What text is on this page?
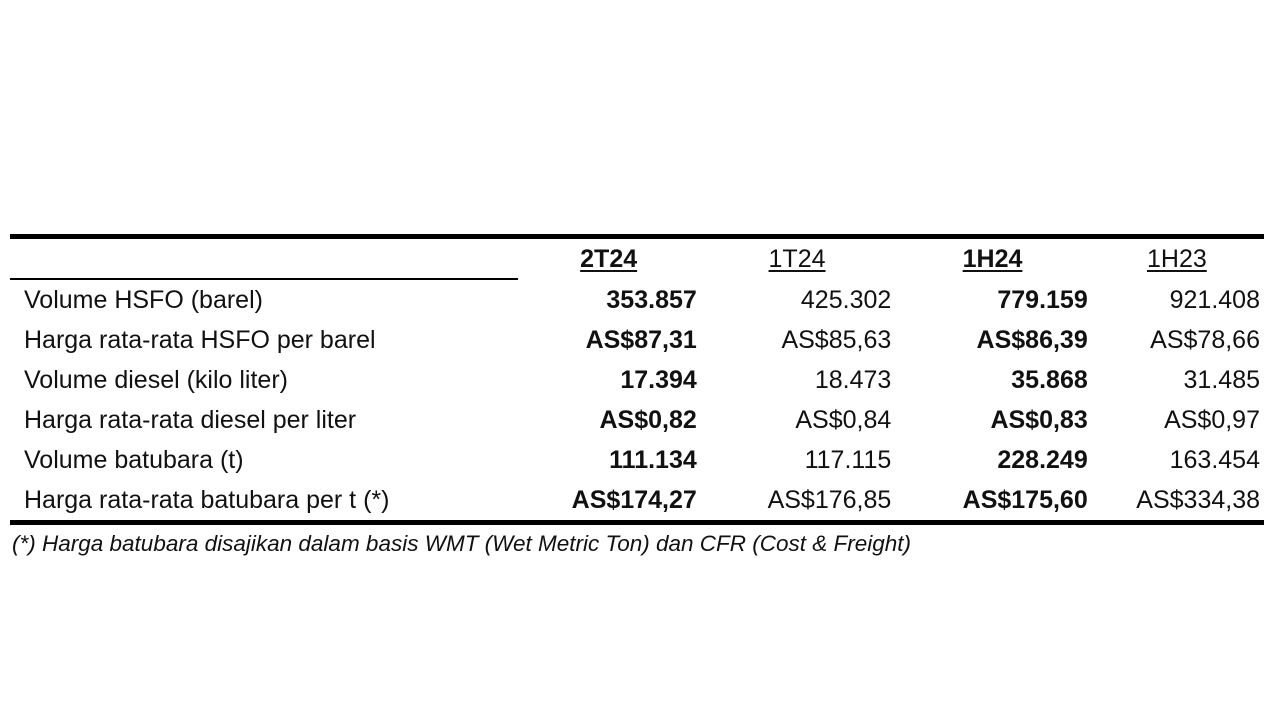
	2T24	1T24	1H24	1H23
Volume HSFO (barel)	353.857	425.302	779.159	921.408
Harga rata-rata HSFO per barel	AS$87,31	AS$85,63	AS$86,39	AS$78,66
Volume diesel (kilo liter)	17.394	18.473	35.868	31.485
Harga rata-rata diesel per liter	AS$0,82	AS$0,84	AS$0,83	AS$0,97
Volume batubara (t)	111.134	117.115	228.249	163.454
Harga rata-rata batubara per t (*)	AS$174,27	AS$176,85	AS$175,60	AS$334,38
(*) Harga batubara disajikan dalam basis WMT (Wet Metric Ton) dan CFR (Cost & Freight)
